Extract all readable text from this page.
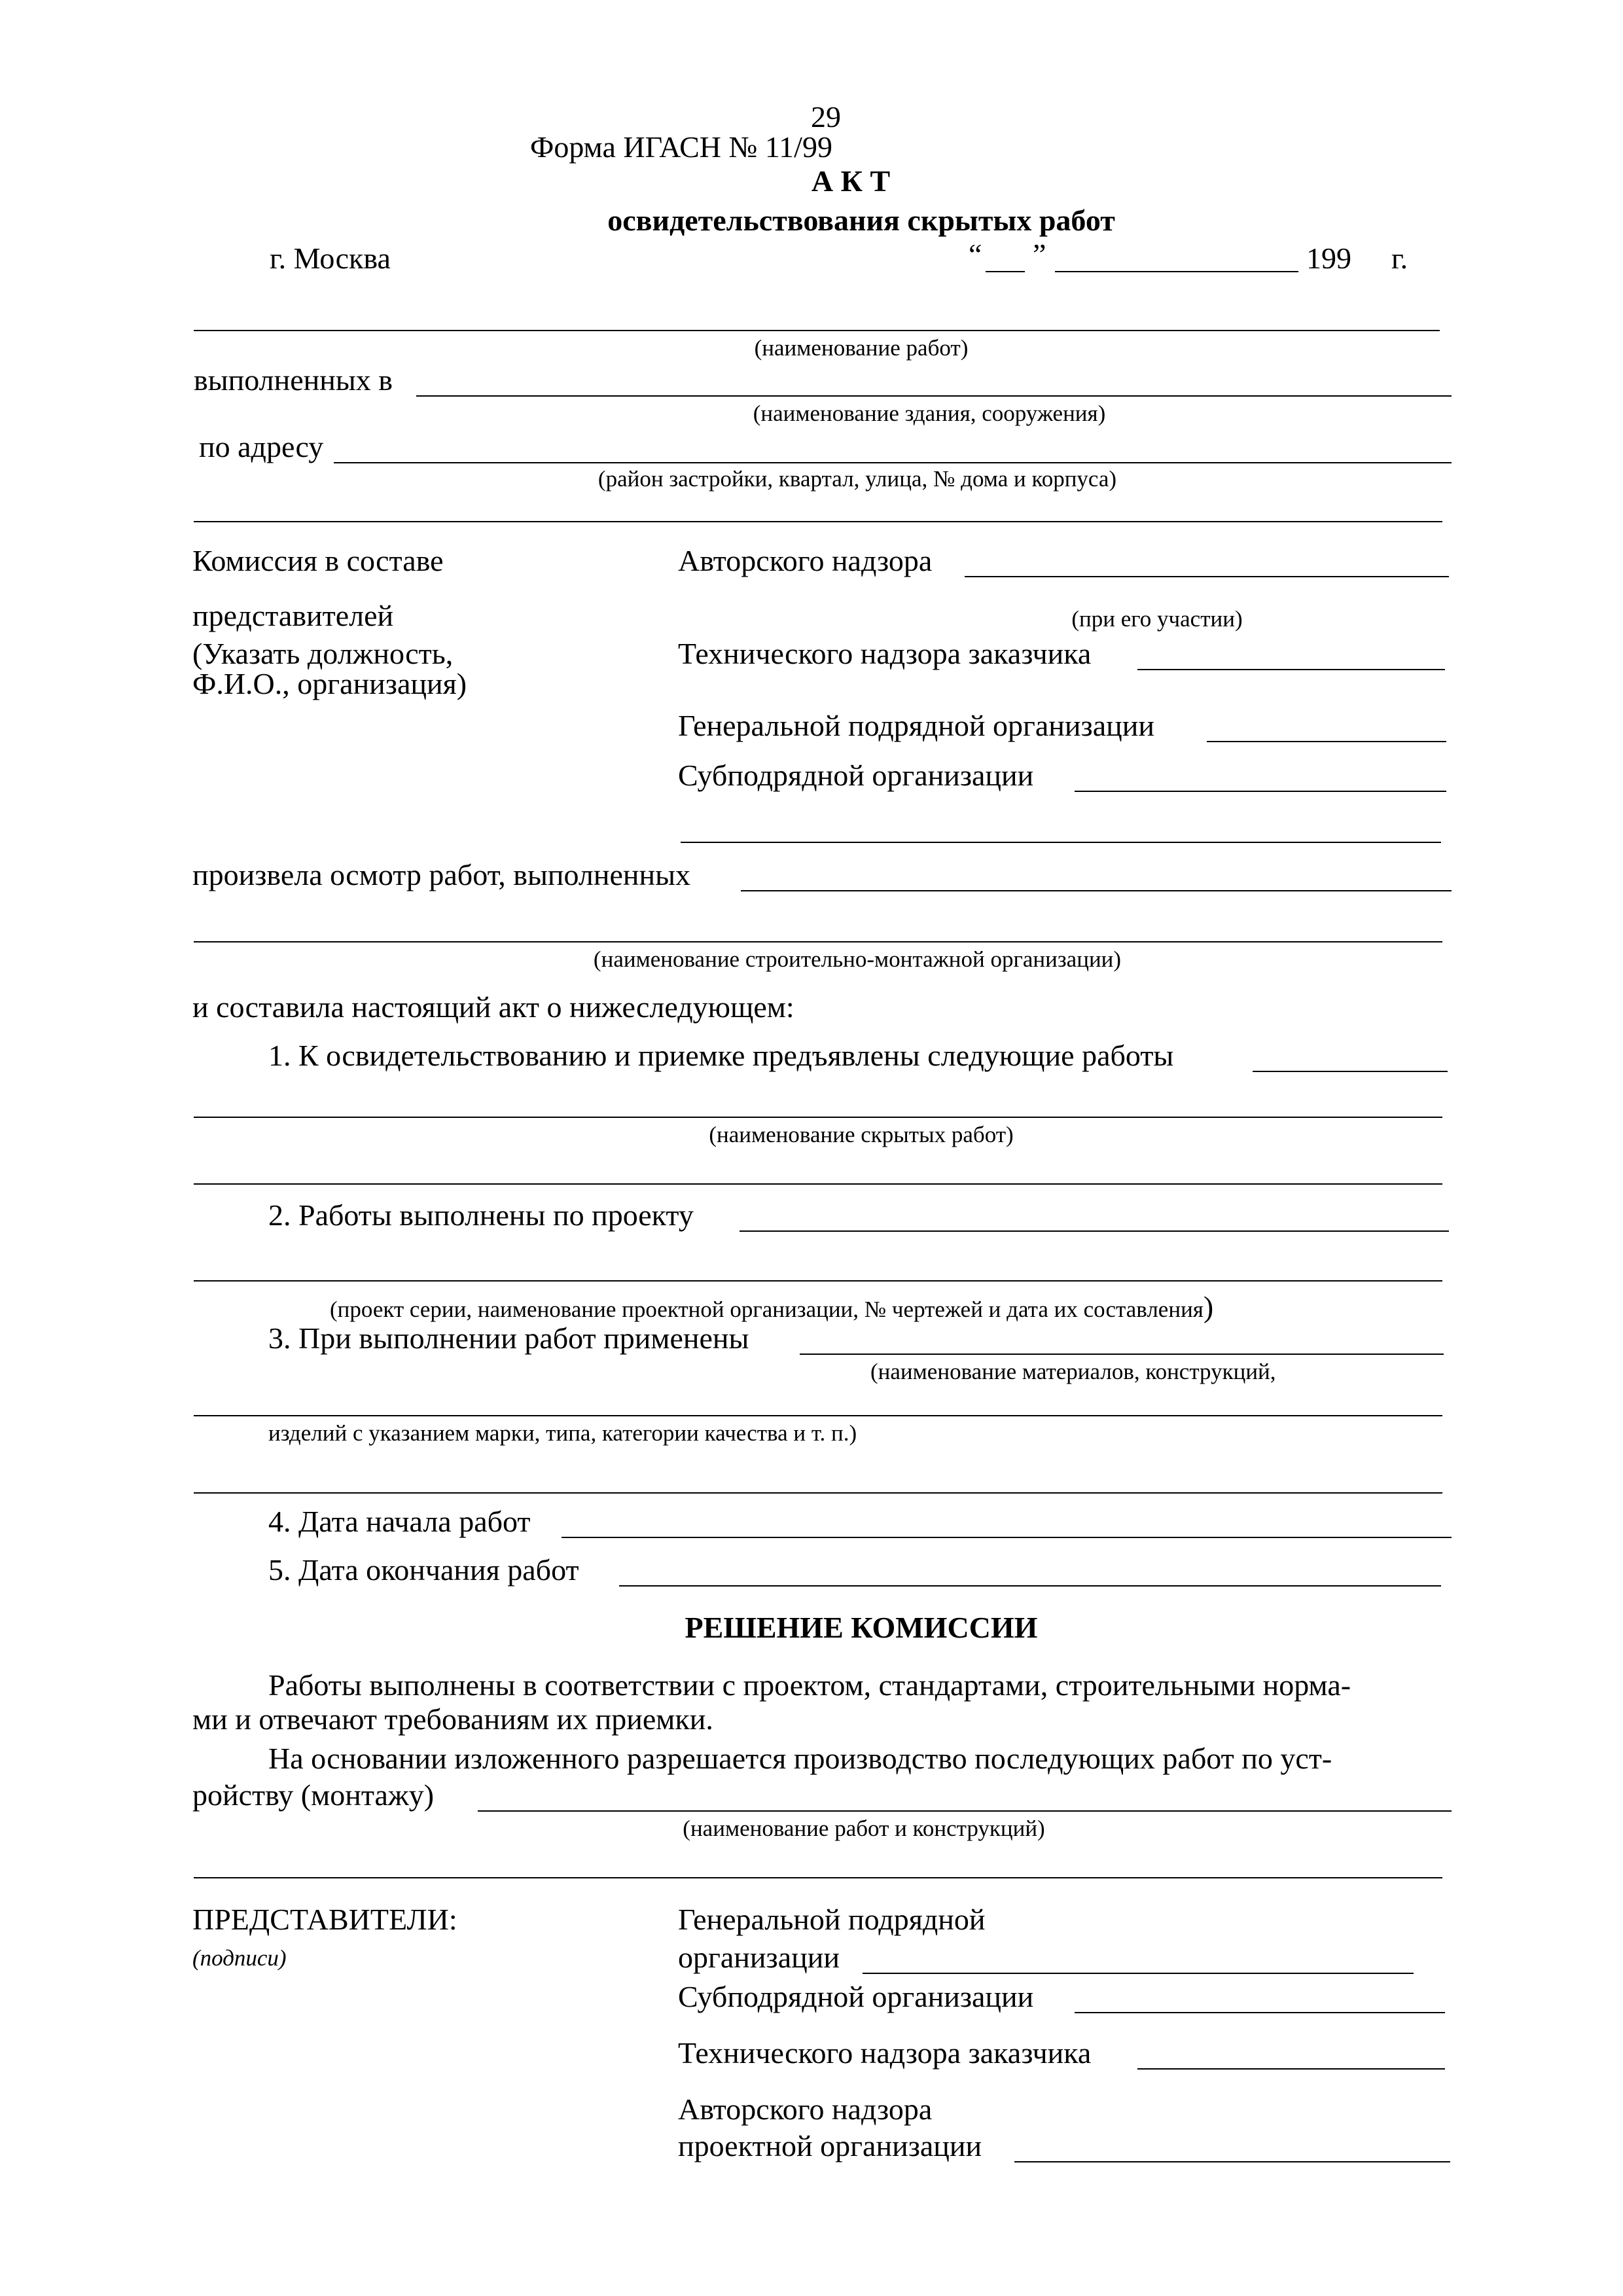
29
Форма ИГАСН № 11/99
А К Т
освидетельствования скрытых работ
г. Москва	“ ”	199 г.
(наименование работ)
выполненных в
(наименование здания, сооружения)
по адресу
(район застройки, квартал, улица, № дома и корпуса)
Комиссия в составе	Авторского надзора
представителей	(при его участии)
(Указать должность,
Ф.И.О., организация)
Технического надзора заказчика
Генеральной подрядной организации
Субподрядной организации
произвела осмотр работ, выполненных
(наименование строительно-монтажной организации)
и составила настоящий акт о нижеследующем:
1. К освидетельствованию и приемке предъявлены следующие работы
(наименование скрытых работ)
2. Работы выполнены по проекту
(проект серии, наименование проектной организации, № чертежей и дата их составления)
3. При выполнении работ применены
(наименование материалов, конструкций,
изделий с указанием марки, типа, категории качества и т. п.)
4. Дата начала работ
5. Дата окончания работ
РЕШЕНИЕ КОМИССИИ
Работы выполнены в соответствии с проектом, стандартами, строительными норма-
ми и отвечают требованиям их приемки.
На основании изложенного разрешается производство последующих работ по уст-
ройству (монтажу)
(наименование работ и конструкций)
ПРЕДСТАВИТЕЛИ:
(подписи)
Генеральной подрядной
организации
Субподрядной организации
Технического надзора заказчика
Авторского надзора
проектной организации
